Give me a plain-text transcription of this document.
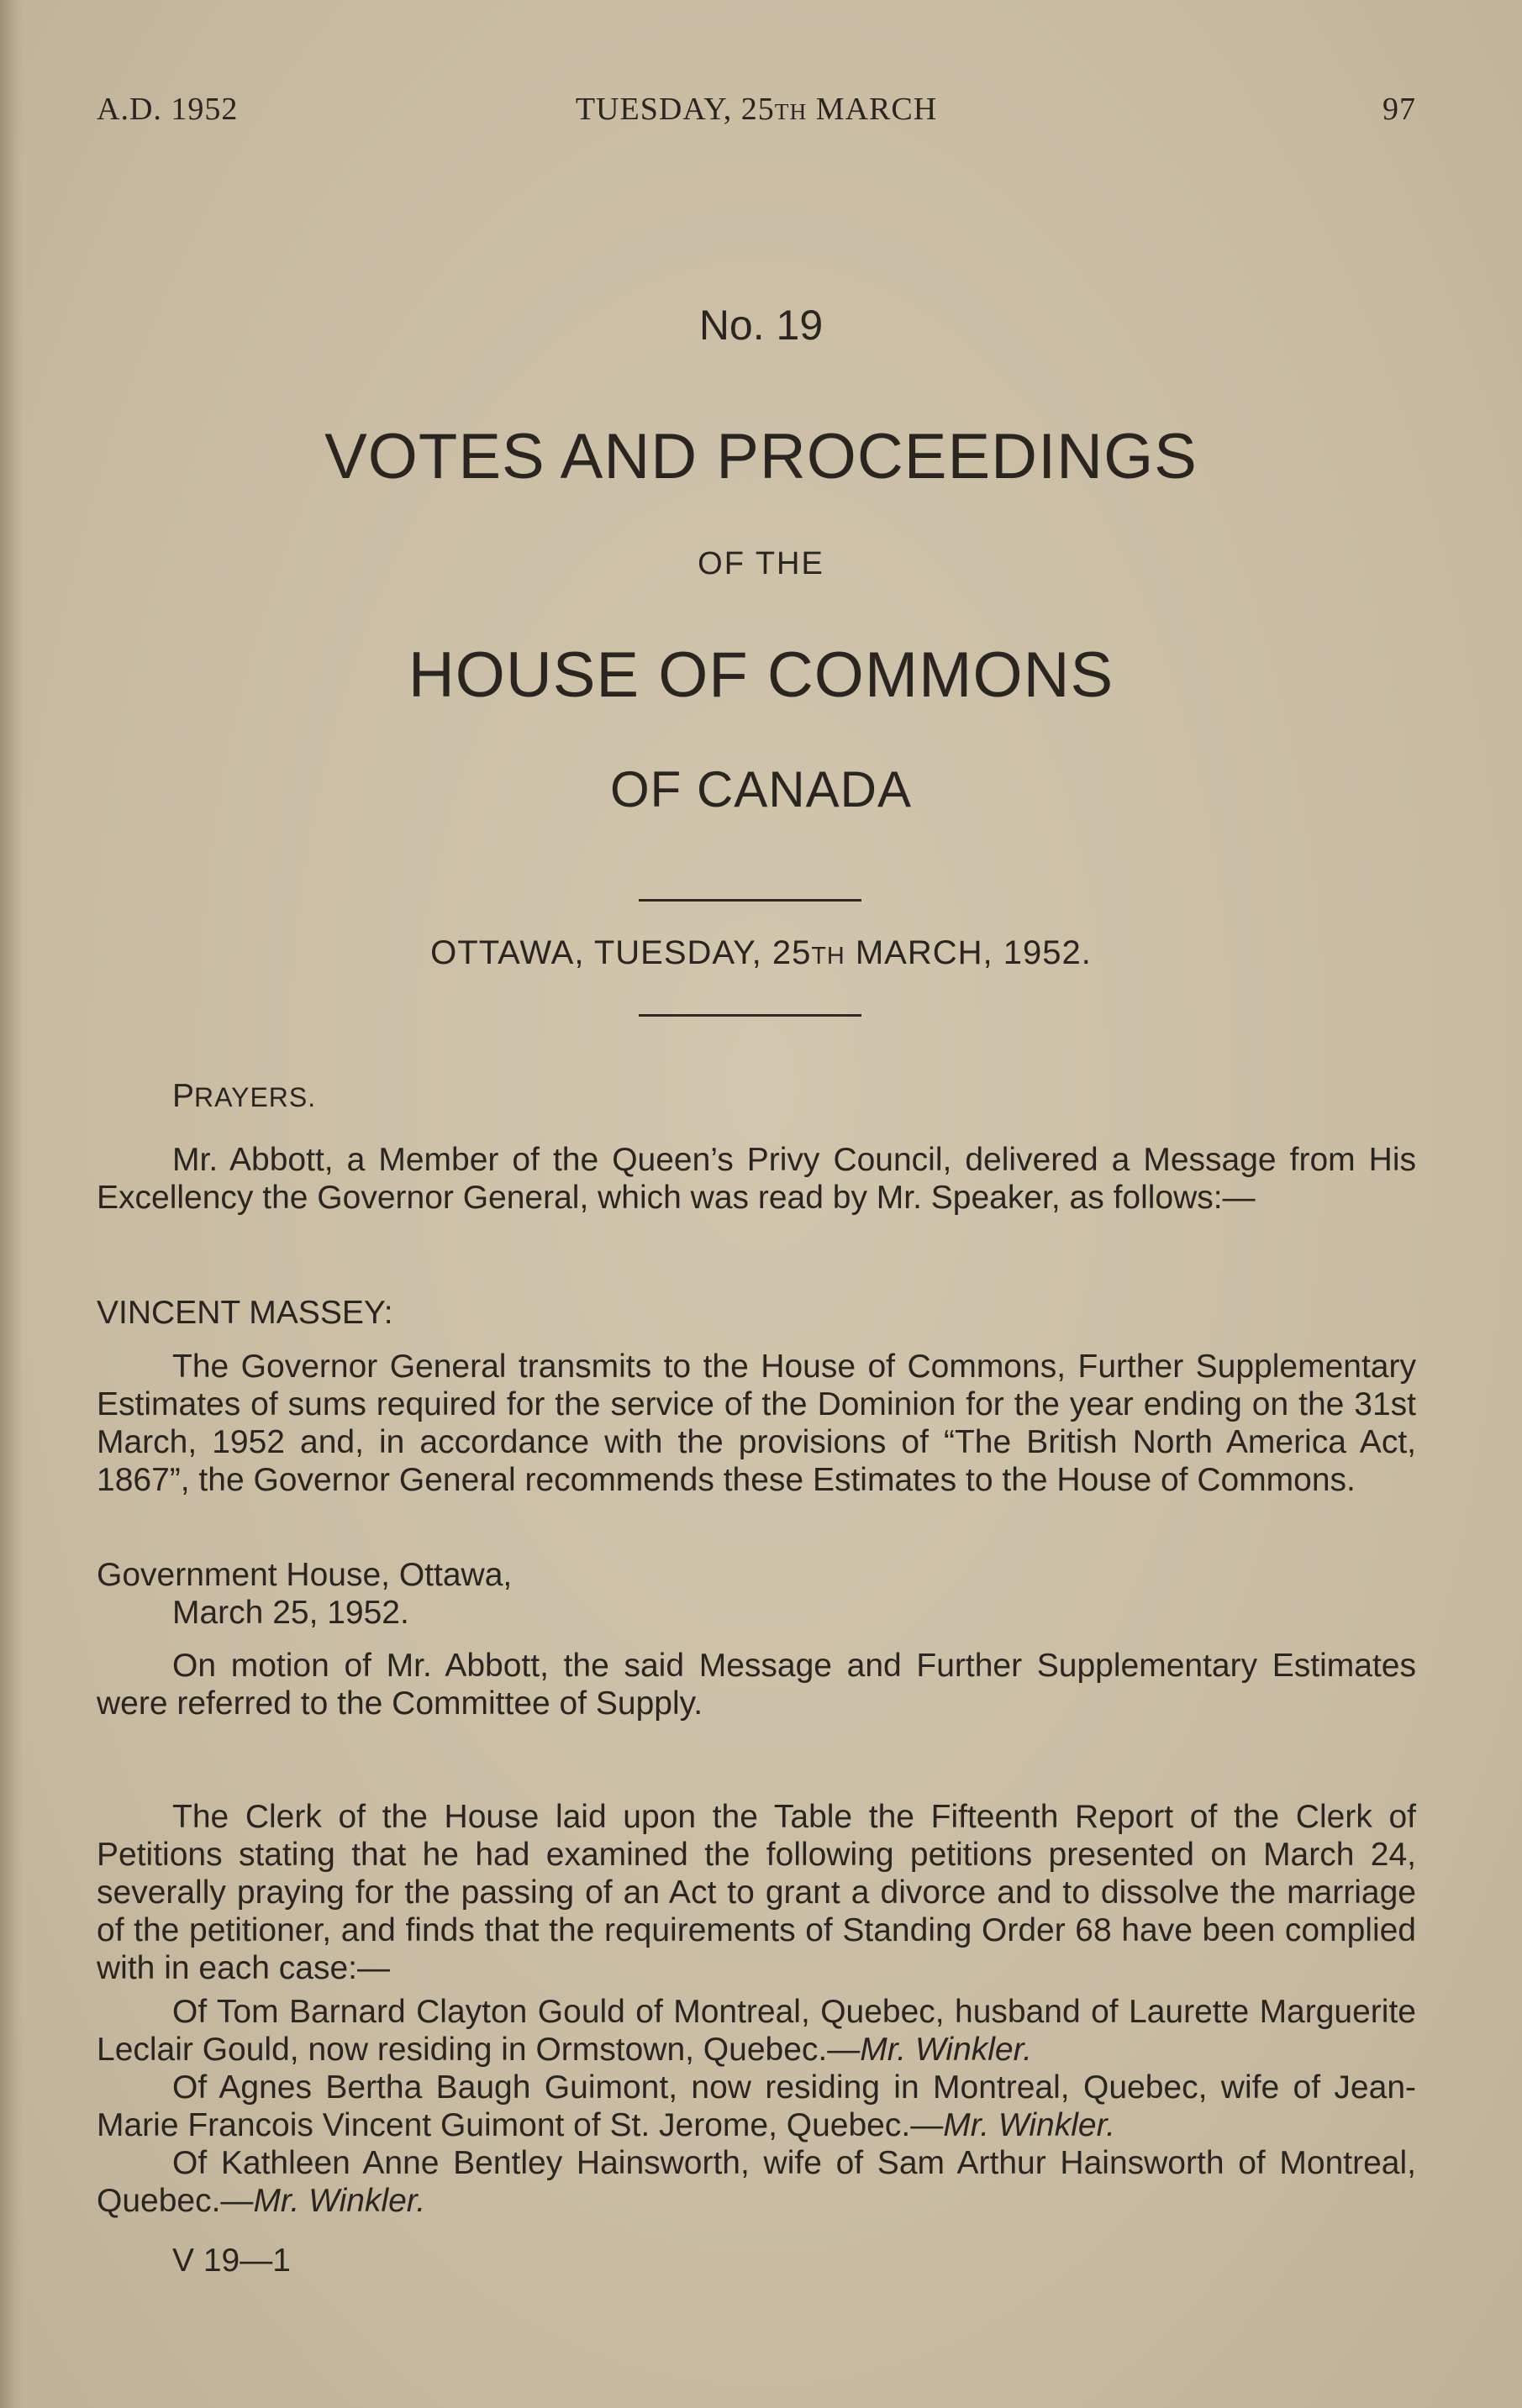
A.D. 1952	TUESDAY, 25TH MARCH	97
No. 19
VOTES AND PROCEEDINGS
OF THE
HOUSE OF COMMONS
OF CANADA
OTTAWA, TUESDAY, 25TH MARCH, 1952.

PRAYERS.

Mr. Abbott, a Member of the Queen’s Privy Council, delivered a Message from His Excellency the Governor General, which was read by Mr. Speaker, as follows:—

VINCENT MASSEY:

The Governor General transmits to the House of Commons, Further Supplementary Estimates of sums required for the service of the Dominion for the year ending on the 31st March, 1952 and, in accordance with the provisions of “The British North America Act, 1867”, the Governor General recommends these Estimates to the House of Commons.

Government House, Ottawa,

March 25, 1952.

On motion of Mr. Abbott, the said Message and Further Supplementary Estimates were referred to the Committee of Supply.

The Clerk of the House laid upon the Table the Fifteenth Report of the Clerk of Petitions stating that he had examined the following petitions presented on March 24, severally praying for the passing of an Act to grant a divorce and to dissolve the marriage of the petitioner, and finds that the requirements of Standing Order 68 have been complied with in each case:—

Of Tom Barnard Clayton Gould of Montreal, Quebec, husband of Laurette Marguerite Leclair Gould, now residing in Ormstown, Quebec.—Mr. Winkler.

Of Agnes Bertha Baugh Guimont, now residing in Montreal, Quebec, wife of Jean-Marie Francois Vincent Guimont of St. Jerome, Quebec.—Mr. Winkler.

Of Kathleen Anne Bentley Hainsworth, wife of Sam Arthur Hainsworth of Montreal, Quebec.—Mr. Winkler.

V 19—1
